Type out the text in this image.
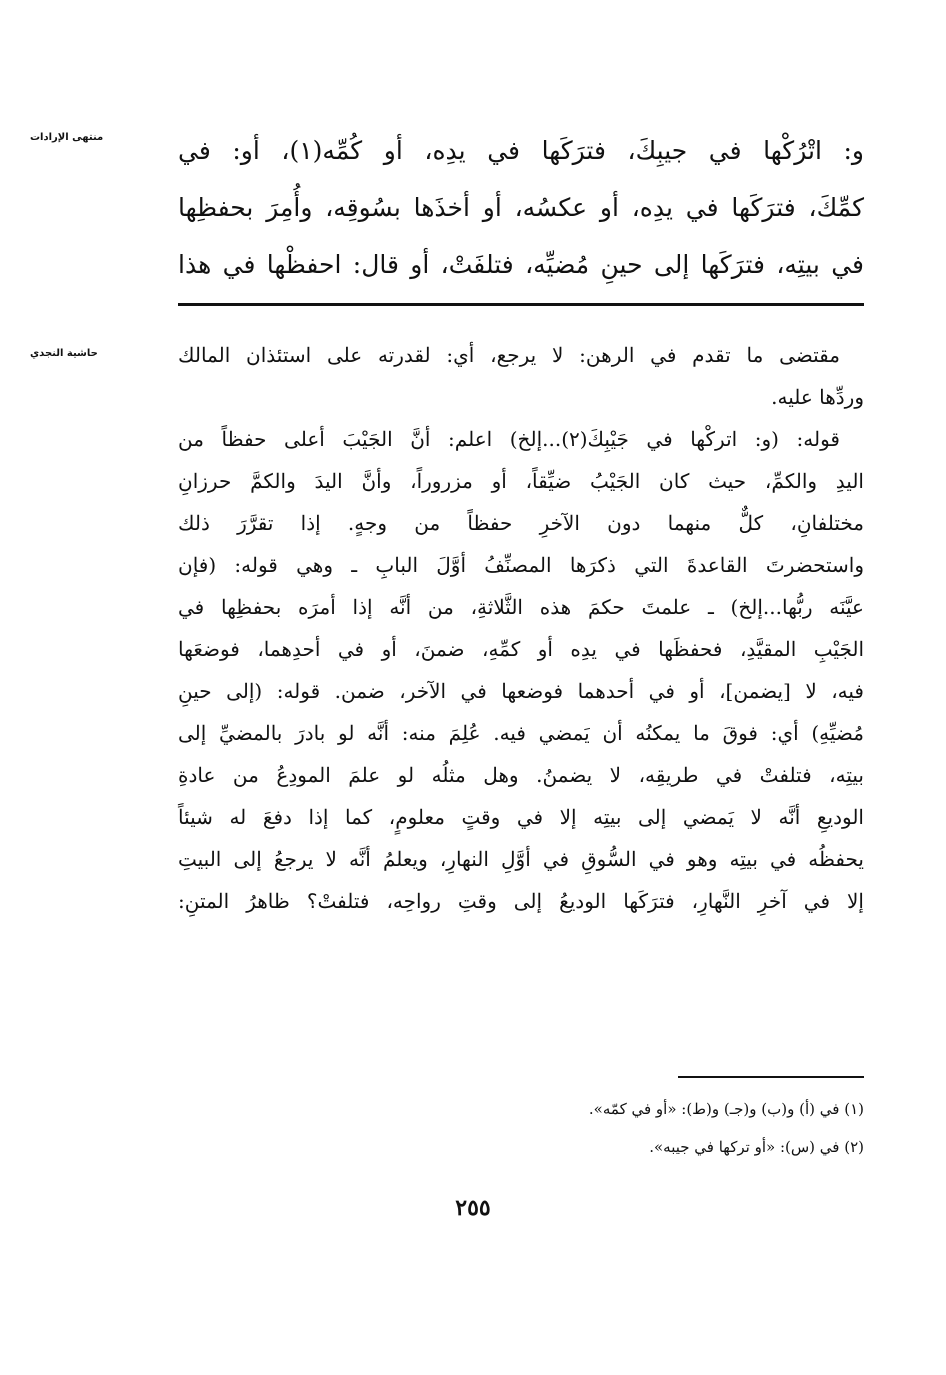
منتهى الإرادات	و: اتْرُكْها في جيبِكَ، فترَكَها في يدِه، أو كُمِّه(١)، أو: في

كمِّكَ، فترَكَها في يدِه، أو عكسُه، أو أخذَها بسُوقِه، وأُمِرَ بحفظِها

في بيتِه، فترَكَها إلى حينِ مُضيِّه، فتلفَتْ، أو قال: احفظْها في هذا

حاشية النجدي	مقتضى ما تقدم في الرهن: لا يرجع، أي: لقدرته على استئذان المالك

وردِّها عليه.

قوله: (و: اتركْها في جَيْبِكَ(٢)...إلخ) اعلم: أنَّ الجَيْبَ أعلى حفظاً من

اليدِ والكمِّ، حيث كان الجَيْبُ ضيِّقاً، أو مزروراً، وأنَّ اليدَ والكمَّ حرزانِ

مختلفانِ، كلٌّ منهما دون الآخرِ حفظاً من وجهٍ. إذا تقرَّرَ ذلك

واستحضرتَ القاعدةَ التي ذكرَها المصنِّفُ أوَّلَ البابِ ـ وهي قوله: (فإن

عيَّنَه ربُّها...إلخ) ـ علمتَ حكمَ هذه الثَّلاثةِ، من أنَّه إذا أمرَه بحفظِها في

الجَيْبِ المقيَّدِ، فحفظَها في يدِه أو كمِّهِ، ضمنَ، أو في أحدِهما، فوضعَها

فيه، لا [يضمن]، أو في أحدهما فوضعها في الآخر، ضمن. قوله: (إلى حينِ

مُضيِّهِ) أي: فوقَ ما يمكنُه أن يَمضي فيه. عُلِمَ منه: أنَّه لو بادرَ بالمضيِّ إلى

بيتِه، فتلفتْ في طريقِه، لا يضمنُ. وهل مثلُه لو علمَ المودِعُ من عادةِ

الوديعِ أنَّه لا يَمضي إلى بيتِه إلا في وقتٍ معلومٍ، كما إذا دفعَ له شيئاً

يحفظُه في بيتِه وهو في السُّوقِ في أوَّلِ النهارِ، ويعلمُ أنَّه لا يرجعُ إلى البيتِ

إلا في آخرِ النَّهارِ، فترَكَها الوديعُ إلى وقتِ رواحِه، فتلفتْ؟ ظاهرُ المتنِ:

(١) في (أ) و(ب) و(جـ) و(ط): «أو في كمّه».

(٢) في (س): «أو تركها في جيبه».

٢٥٥
